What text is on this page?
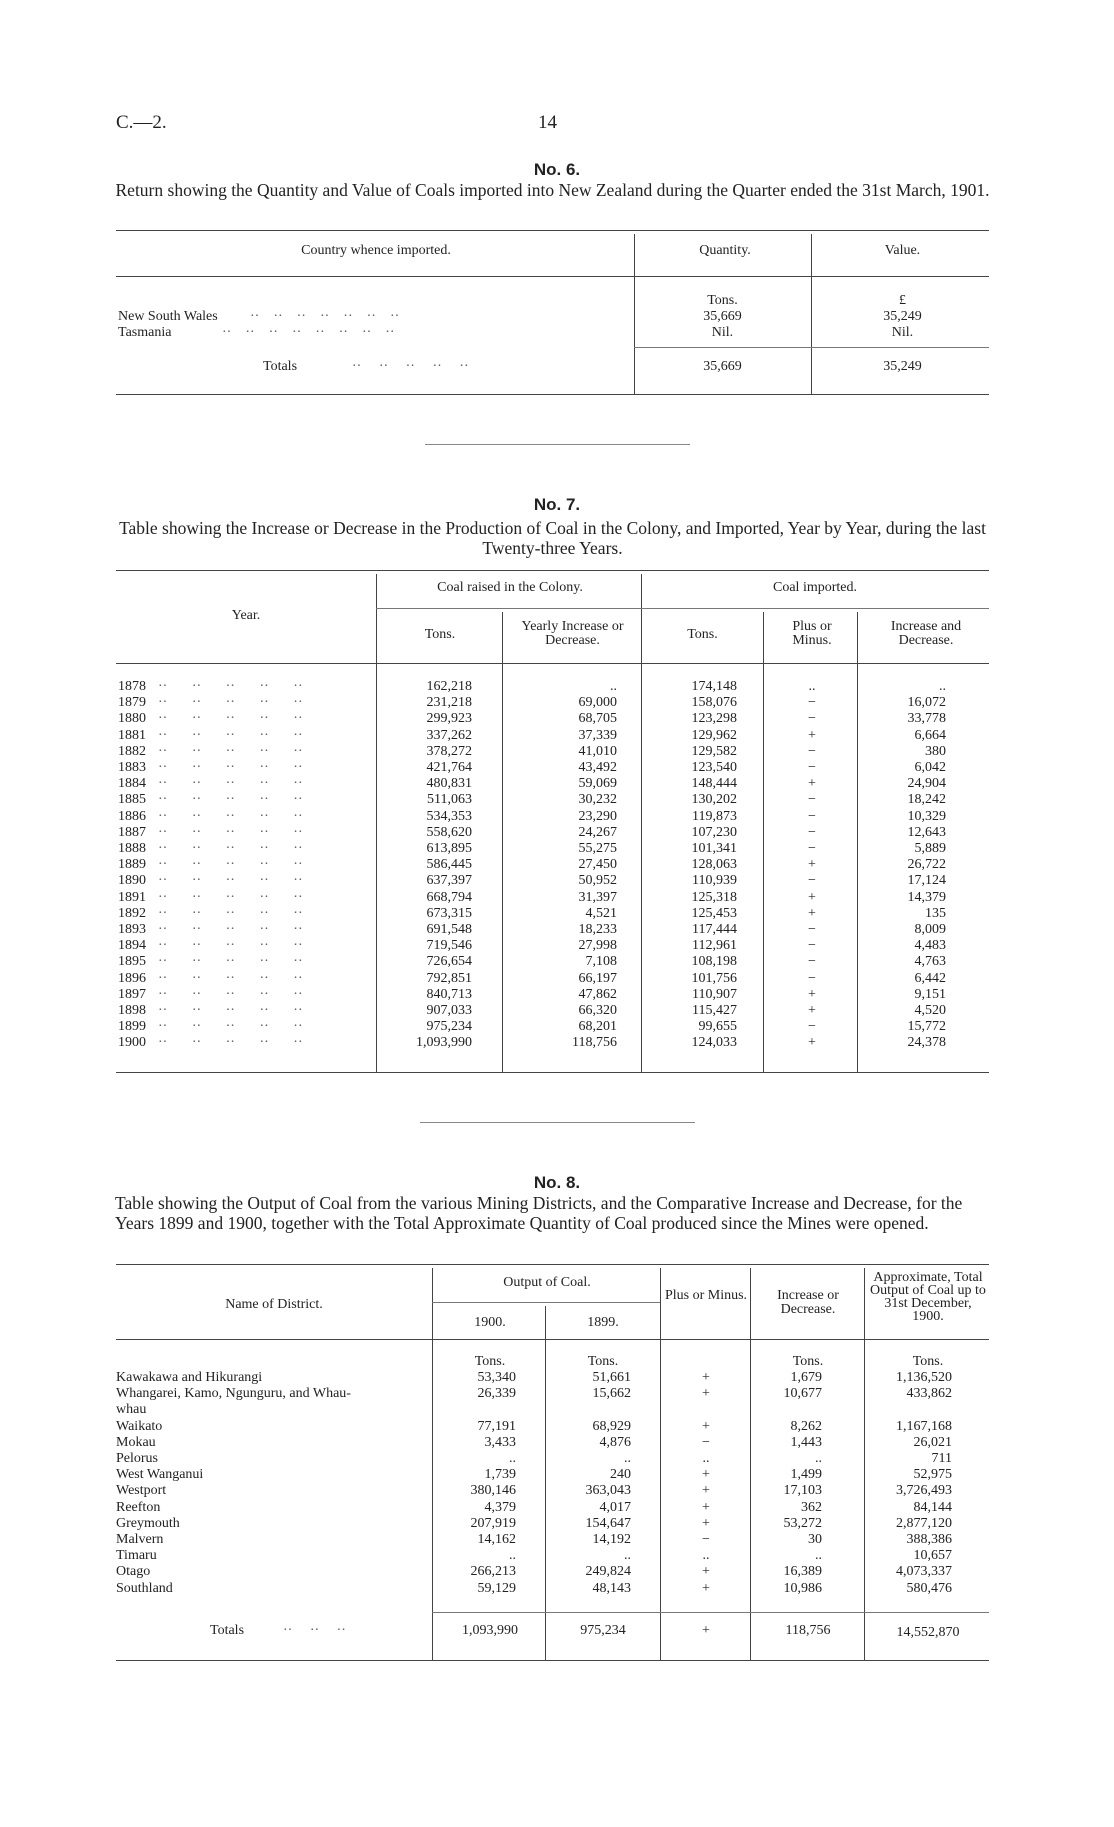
C.—2.	14
No. 6.
Return showing the Quantity and Value of Coals imported into New Zealand during the Quarter ended the 31st March, 1901.
Country whence imported.	Quantity.	Value.
Tons.	£
New South Wales ··    ··    ··    ··    ··    ··    ··	35,669	35,249
Tasmania	··    ··    ··    ··    ··    ··    ··    ··	Nil.	Nil.
Totals	··     ··     ··     ··     ··	35,669	35,249
No. 7.
Table showing the Increase or Decrease in the Production of Coal in the Colony, and Imported, Year by Year, during the last Twenty-three Years.
Year.
Coal raised in the Colony.	Coal imported.
Tons.
Yearly Increase or Decrease.	Tons.
Plus or Minus.
Increase and Decrease.
1878	162,218	..	174,148	..	..
··       ··       ··       ··       ··
1879	231,218	69,000	158,076	−	16,072
··       ··       ··       ··       ··
1880	299,923	68,705	123,298	−	33,778
··       ··       ··       ··       ··
1881	337,262	37,339	129,962	+	6,664
··       ··       ··       ··       ··
1882	378,272	41,010	129,582	−	380
··       ··       ··       ··       ··
1883	421,764	43,492	123,540	−	6,042
··       ··       ··       ··       ··
1884	480,831	59,069	148,444	+	24,904
··       ··       ··       ··       ··
1885	511,063	30,232	130,202	−	18,242
··       ··       ··       ··       ··
1886	534,353	23,290	119,873	−	10,329
··       ··       ··       ··       ··
1887	558,620	24,267	107,230	−	12,643
··       ··       ··       ··       ··
1888	613,895	55,275	101,341	−	5,889
··       ··       ··       ··       ··
1889	586,445	27,450	128,063	+	26,722
··       ··       ··       ··       ··
1890	637,397	50,952	110,939	−	17,124
··       ··       ··       ··       ··
1891	668,794	31,397	125,318	+	14,379
··       ··       ··       ··       ··
1892	673,315	4,521	125,453	+	135
··       ··       ··       ··       ··
1893	691,548	18,233	117,444	−	8,009
··       ··       ··       ··       ··
1894	719,546	27,998	112,961	−	4,483
··       ··       ··       ··       ··
1895	726,654	7,108	108,198	−	4,763
··       ··       ··       ··       ··
1896	792,851	66,197	101,756	−	6,442
··       ··       ··       ··       ··
1897	840,713	47,862	110,907	+	9,151
··       ··       ··       ··       ··
1898	907,033	66,320	115,427	+	4,520
··       ··       ··       ··       ··
1899	975,234	68,201	99,655	−	15,772
··       ··       ··       ··       ··
1900	1,093,990	118,756	124,033	+	24,378
··       ··       ··       ··       ··
No. 8.
Table showing the Output of Coal from the various Mining Districts, and the Comparative Increase and Decrease, for the Years 1899 and 1900, together with the Total Approximate Quantity of Coal produced since the Mines were opened.
Name of District.
Output of Coal.
1900.	1899.
Plus or Minus.	Increase or Decrease.
Approximate, Total Output of Coal up to 31st December, 1900.
Tons.	Tons.	Tons.	Tons.
Kawakawa and Hikurangi	53,340	51,661	+	1,679	1,136,520
Whangarei, Kamo, Ngunguru, and Whau-	26,339	15,662	+	10,677	433,862
whau
Waikato	77,191	68,929	+	8,262	1,167,168
Mokau	3,433	4,876	−	1,443	26,021
Pelorus	..	..	..	..	711
West Wanganui	1,739	240	+	1,499	52,975
Westport	380,146	363,043	+	17,103	3,726,493
Reefton	4,379	4,017	+	362	84,144
Greymouth	207,919	154,647	+	53,272	2,877,120
Malvern	14,162	14,192	−	30	388,386
Timaru	..	..	..	..	10,657
Otago	266,213	249,824	+	16,389	4,073,337
Southland	59,129	48,143	+	10,986	580,476
Totals	··     ··     ··	1,093,990	975,234	+	118,756	14,552,870
